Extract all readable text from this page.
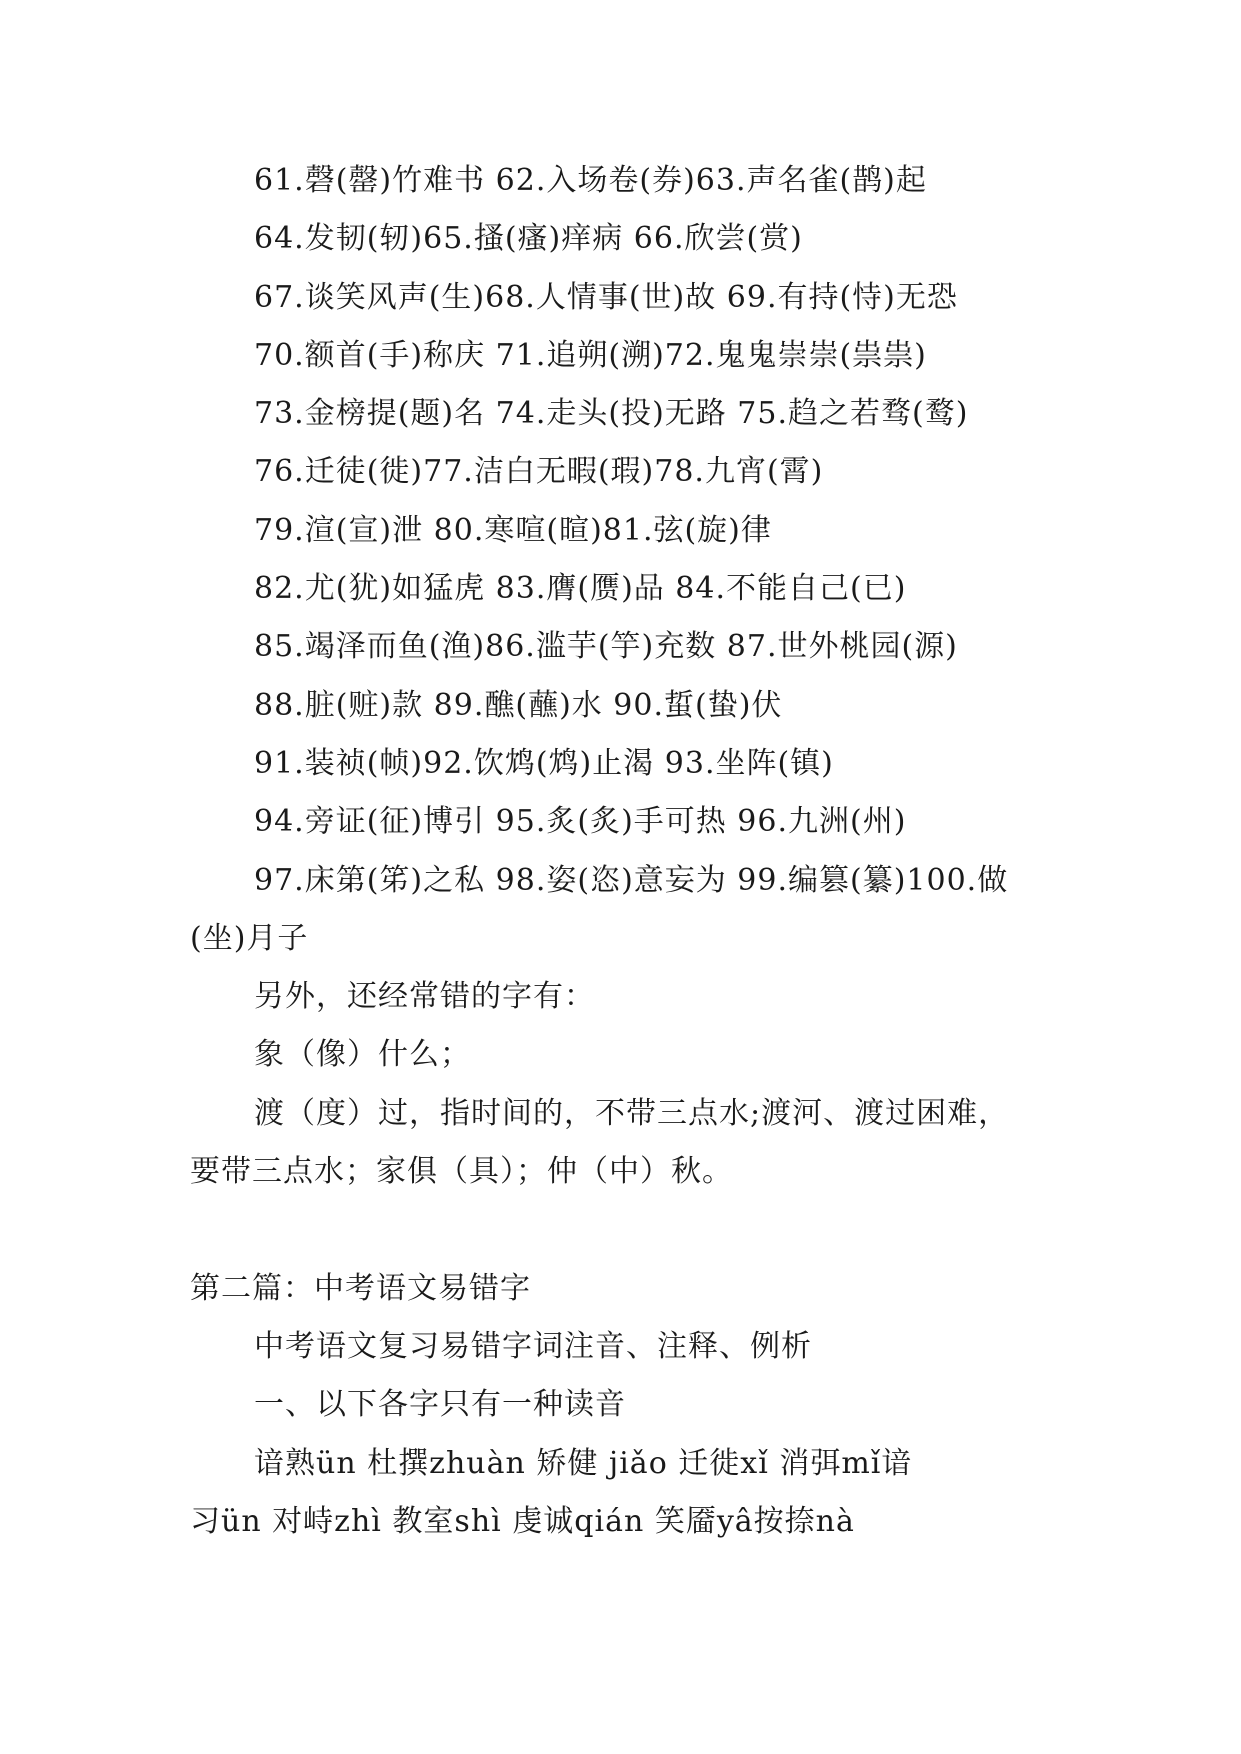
61.磬(罄)竹难书 62.入场卷(券)63.声名雀(鹊)起
64.发韧(轫)65.搔(瘙)痒病 66.欣尝(赏)
67.谈笑风声(生)68.人情事(世)故 69.有持(恃)无恐
70.额首(手)称庆 71.追朔(溯)72.鬼鬼崇崇(祟祟)
73.金榜提(题)名 74.走头(投)无路 75.趋之若骛(鹜)
76.迁徒(徙)77.洁白无暇(瑕)78.九宵(霄)
79.渲(宣)泄 80.寒喧(暄)81.弦(旋)律
82.尤(犹)如猛虎 83.膺(赝)品 84.不能自己(已)
85.竭泽而鱼(渔)86.滥芋(竽)充数 87.世外桃园(源)
88.脏(赃)款 89.醮(蘸)水 90.蜇(蛰)伏
91.装祯(帧)92.饮鸩(鸩)止渴 93.坐阵(镇)
94.旁证(征)博引 95.炙(炙)手可热 96.九洲(州)
97.床第(笫)之私 98.姿(恣)意妄为 99.编篡(纂)100.做
(坐)月子
另外，还经常错的字有：
象（像）什么；
渡（度）过，指时间的，不带三点水;渡河、渡过困难，
要带三点水；家俱（具）；仲（中）秋。
第二篇：中考语文易错字
中考语文复习易错字词注音、注释、例析
一、以下各字只有一种读音
谙熟ün 杜撰zhuàn 矫健 jiǎo 迁徙xǐ 消弭mǐ谙
习ün 对峙zhì 教室shì 虔诚qián 笑靥yâ按捺nà
